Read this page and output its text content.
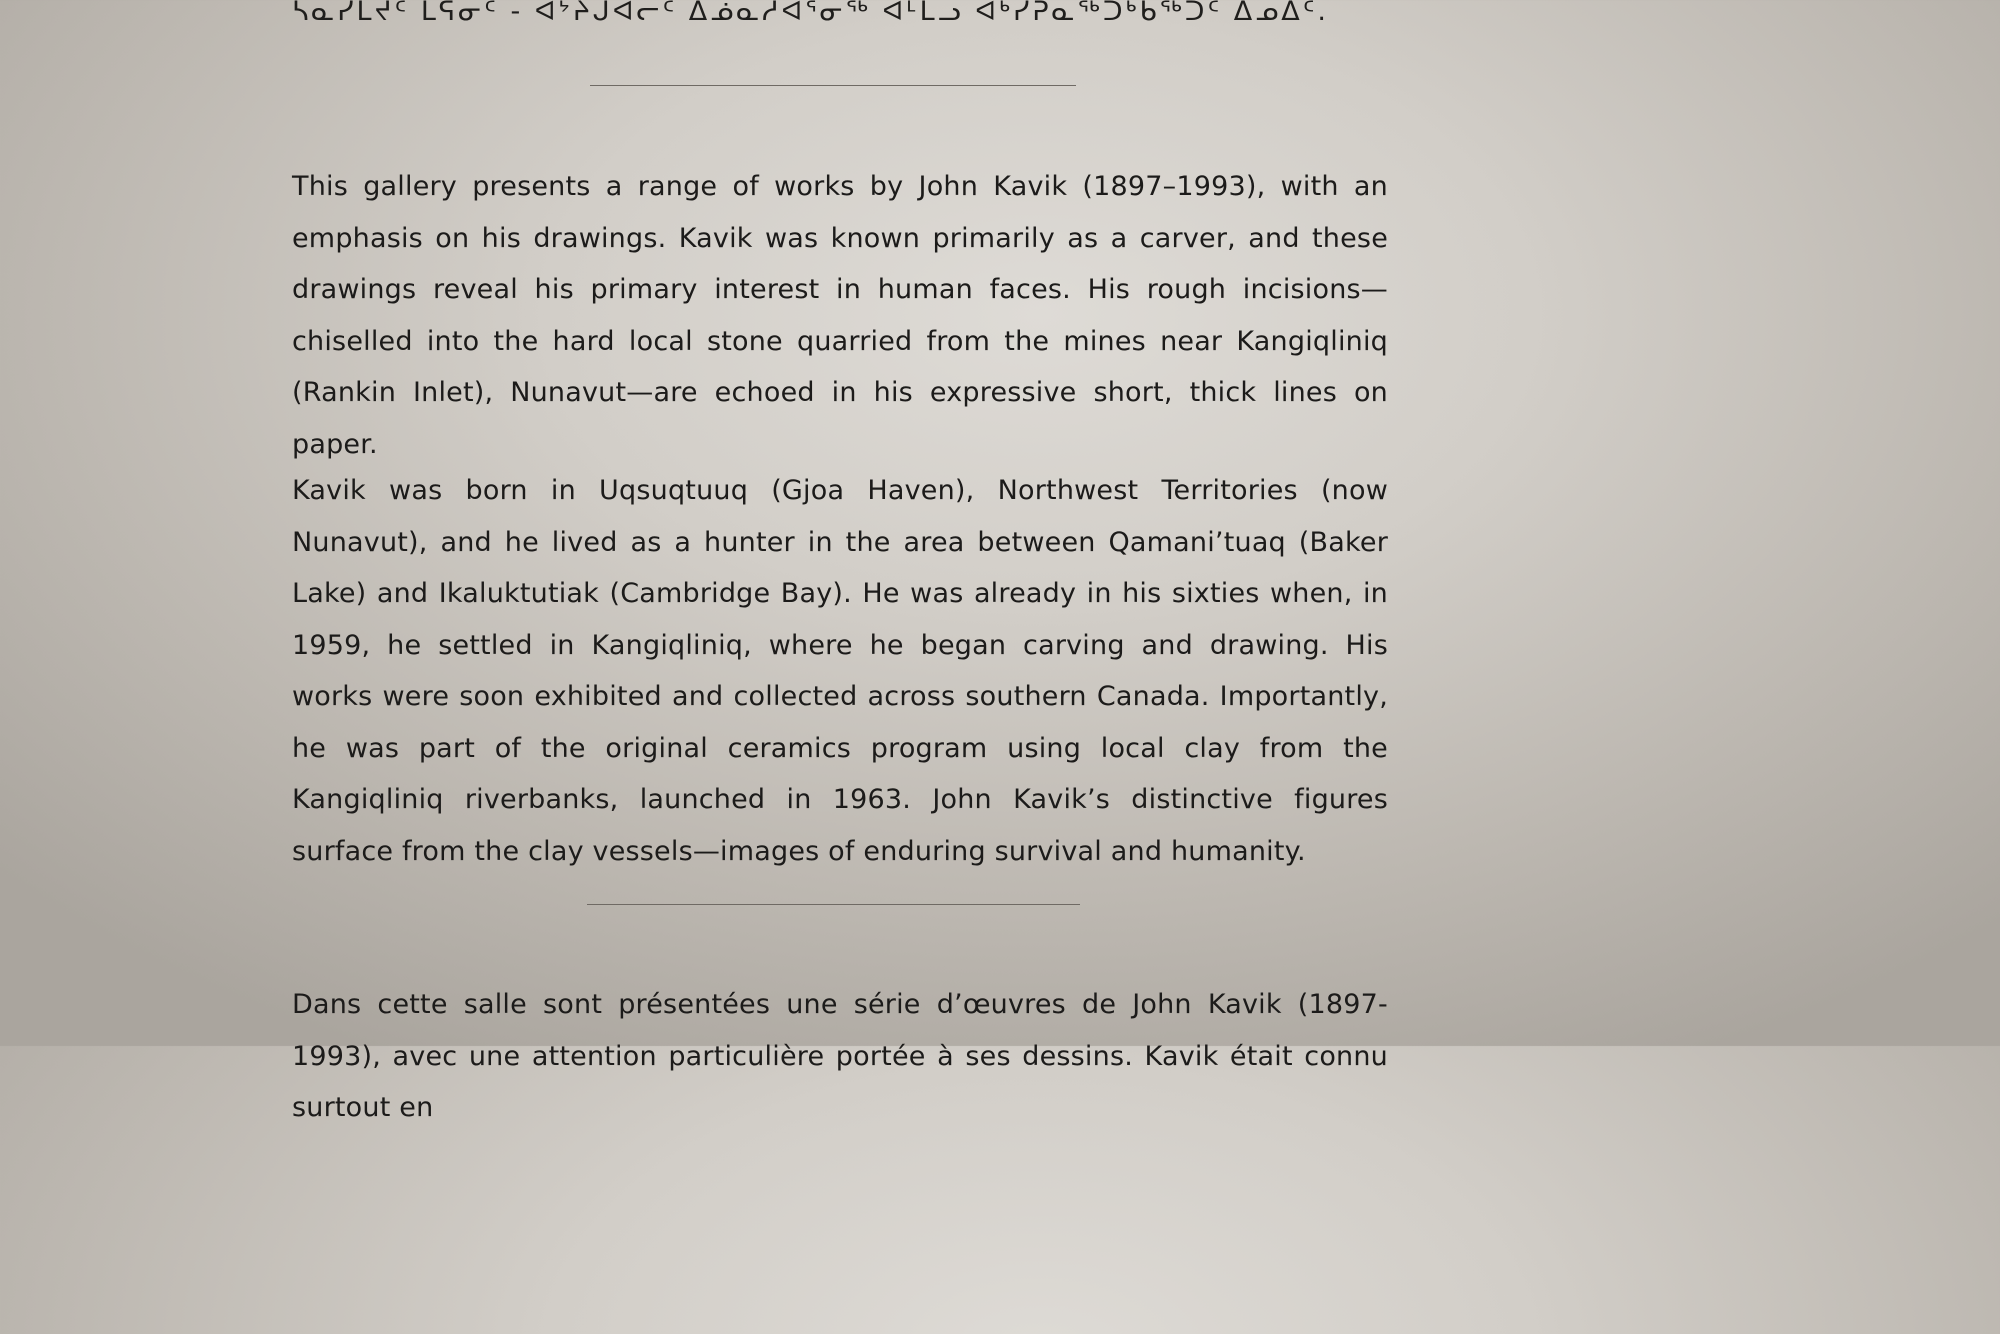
ᓴᓇᓯᒪᔪᑦ ᒪᕋᓂᑦ - ᐊᔾᔨᒍᐊᓕᑦ ᐃᓅᓇᓱᐊᕐᓂᖅ ᐊᒻᒪᓗ ᐊᒃᓯᕈᓇᖅᑐᒃᑲᖅᑐᑦ ᐃᓄᐃᑦ.

This gallery presents a range of works by John Kavik (1897–1993), with an emphasis on his drawings. Kavik was known primarily as a carver, and these drawings reveal his primary interest in human faces. His rough incisions—chiselled into the hard local stone quarried from the mines near Kangiqliniq (Rankin Inlet), Nunavut—are echoed in his expressive short, thick lines on paper.

Kavik was born in Uqsuqtuuq (Gjoa Haven), Northwest Territories (now Nunavut), and he lived as a hunter in the area between Qamani’tuaq (Baker Lake) and Ikaluktutiak (Cambridge Bay). He was already in his sixties when, in 1959, he settled in Kangiqliniq, where he began carving and drawing. His works were soon exhibited and collected across southern Canada. Importantly, he was part of the original ceramics program using local clay from the Kangiqliniq riverbanks, launched in 1963. John Kavik’s distinctive figures surface from the clay vessels—images of enduring survival and humanity.

Dans cette salle sont présentées une série d’œuvres de John Kavik (1897-1993), avec une attention particulière portée à ses dessins. Kavik était connu surtout en
